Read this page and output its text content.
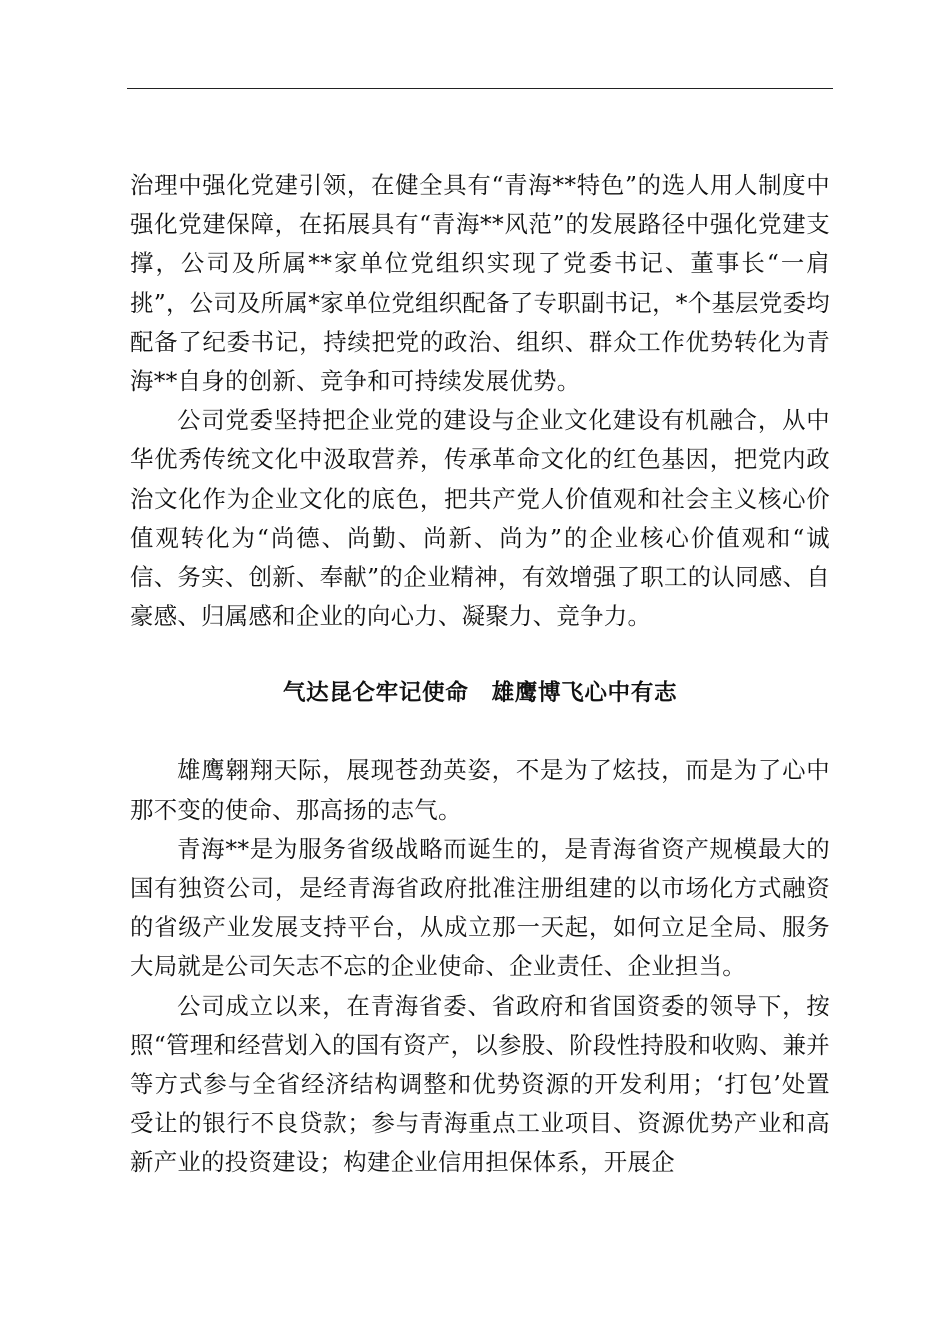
治理中强化党建引领，在健全具有“青海**特色”的选人用人制度中强化党建保障，在拓展具有“青海**风范”的发展路径中强化党建支撑，公司及所属**家单位党组织实现了党委书记、董事长“一肩挑”，公司及所属*家单位党组织配备了专职副书记，*个基层党委均配备了纪委书记，持续把党的政治、组织、群众工作优势转化为青海**自身的创新、竞争和可持续发展优势。

公司党委坚持把企业党的建设与企业文化建设有机融合，从中华优秀传统文化中汲取营养，传承革命文化的红色基因，把党内政治文化作为企业文化的底色，把共产党人价值观和社会主义核心价值观转化为“尚德、尚勤、尚新、尚为”的企业核心价值观和“诚信、务实、创新、奉献”的企业精神，有效增强了职工的认同感、自豪感、归属感和企业的向心力、凝聚力、竞争力。

气达昆仑牢记使命　雄鹰博飞心中有志

雄鹰翱翔天际，展现苍劲英姿，不是为了炫技，而是为了心中那不变的使命、那高扬的志气。

青海**是为服务省级战略而诞生的，是青海省资产规模最大的国有独资公司，是经青海省政府批准注册组建的以市场化方式融资的省级产业发展支持平台，从成立那一天起，如何立足全局、服务大局就是公司矢志不忘的企业使命、企业责任、企业担当。

公司成立以来，在青海省委、省政府和省国资委的领导下，按照“管理和经营划入的国有资产，以参股、阶段性持股和收购、兼并等方式参与全省经济结构调整和优势资源的开发利用；‘打包’处置受让的银行不良贷款；参与青海重点工业项目、资源优势产业和高新产业的投资建设；构建企业信用担保体系，开展企
